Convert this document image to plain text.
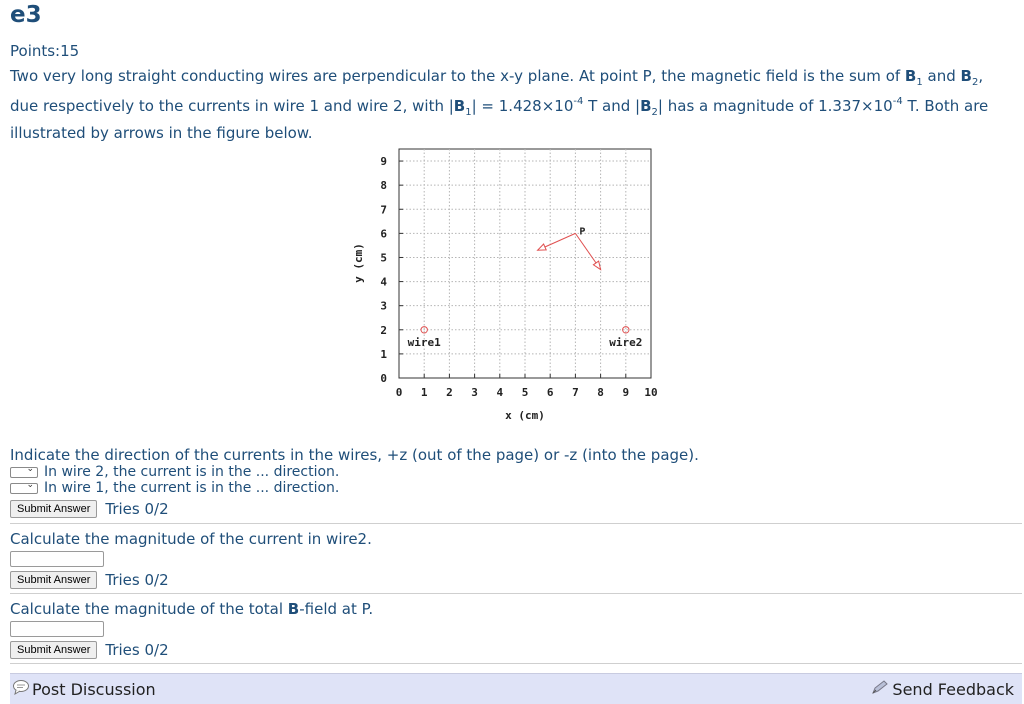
e3
Points:15
Two very long straight conducting wires are perpendicular to the x-y plane. At point P, the magnetic field is the sum of $B_1$ and $B_2$, due respectively to the currents in wire 1 and wire 2, with $|B_1| = 1.428\times 10^{-4}$ T and $|B_2|$ has a magnitude of $1.337\times 10^{-4}$ T. Both are illustrated by arrows in the figure below.
0 1 2 3 4 5 6 7 8 9 10
0
1
2
3
4
5
6
7
8
9
y (cm)
x (cm)
wire1	wire2
P
Indicate the direction of the currents in the wires, +z (out of the page) or -z (into the page).
⌄ In wire 2, the current is in the ... direction.
⌄ In wire 1, the current is in the ... direction.
Submit Answer	Tries 0/2
Calculate the magnitude of the current in wire2.
Submit Answer	Tries 0/2
Calculate the magnitude of the total B-field at P.
Submit Answer	Tries 0/2
Post Discussion	Send Feedback
